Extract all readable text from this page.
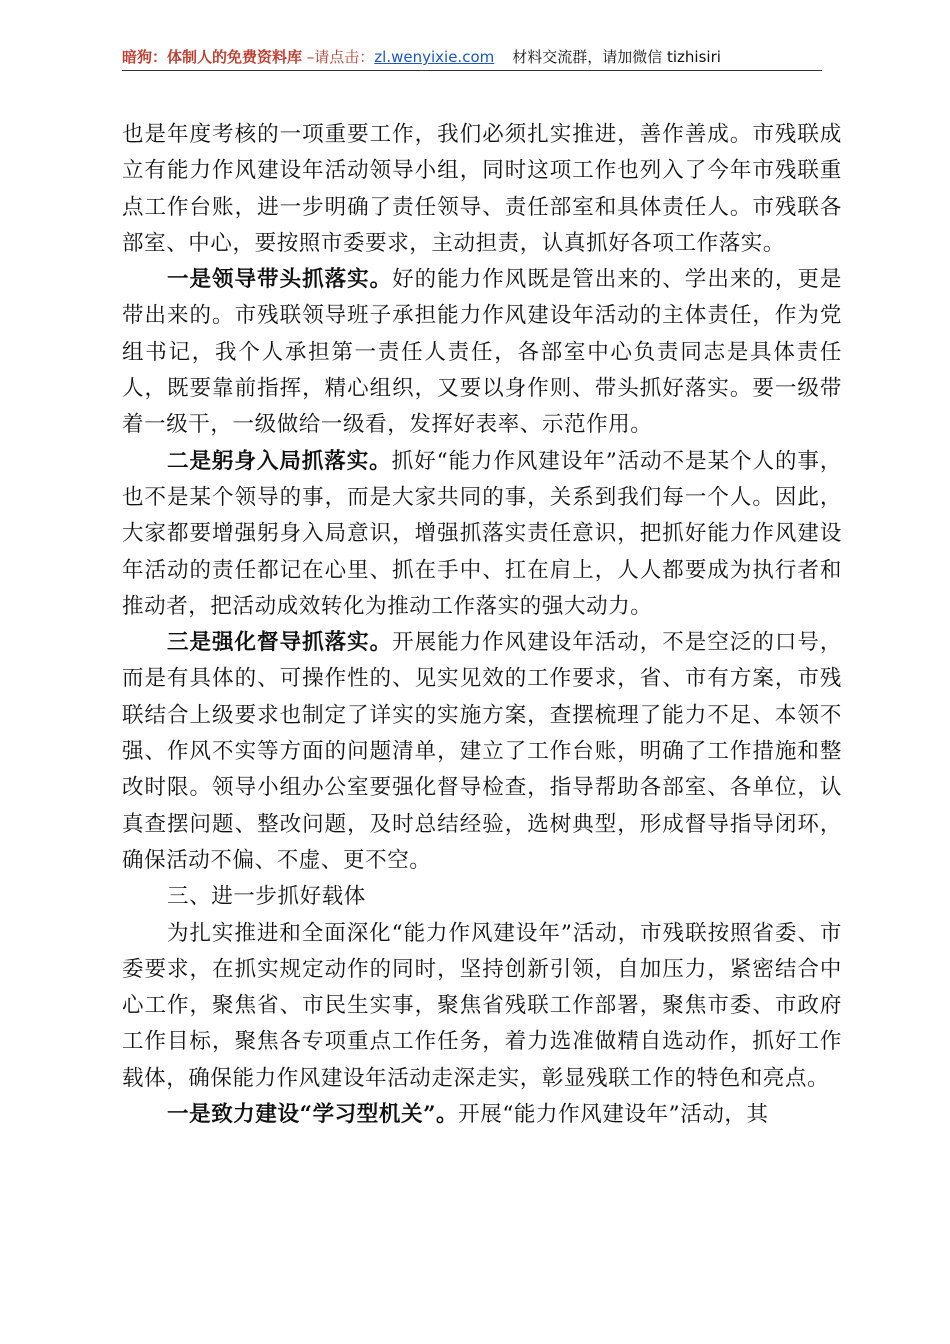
暗狗：体制人的免费资料库 –请点击：zl.wenyixie.com 材料交流群，请加微信 tizhisiri

也是年度考核的一项重要工作，我们必须扎实推进，善作善成。市残联成立有能力作风建设年活动领导小组，同时这项工作也列入了今年市残联重点工作台账，进一步明确了责任领导、责任部室和具体责任人。市残联各部室、中心，要按照市委要求，主动担责，认真抓好各项工作落实。

一是领导带头抓落实。好的能力作风既是管出来的、学出来的，更是带出来的。市残联领导班子承担能力作风建设年活动的主体责任，作为党组书记，我个人承担第一责任人责任，各部室中心负责同志是具体责任人，既要靠前指挥，精心组织，又要以身作则、带头抓好落实。要一级带着一级干，一级做给一级看，发挥好表率、示范作用。

二是躬身入局抓落实。抓好“能力作风建设年”活动不是某个人的事，也不是某个领导的事，而是大家共同的事，关系到我们每一个人。因此，大家都要增强躬身入局意识，增强抓落实责任意识，把抓好能力作风建设年活动的责任都记在心里、抓在手中、扛在肩上，人人都要成为执行者和推动者，把活动成效转化为推动工作落实的强大动力。

三是强化督导抓落实。开展能力作风建设年活动，不是空泛的口号，而是有具体的、可操作性的、见实见效的工作要求，省、市有方案，市残联结合上级要求也制定了详实的实施方案，查摆梳理了能力不足、本领不强、作风不实等方面的问题清单，建立了工作台账，明确了工作措施和整改时限。领导小组办公室要强化督导检查，指导帮助各部室、各单位，认真查摆问题、整改问题，及时总结经验，选树典型，形成督导指导闭环，确保活动不偏、不虚、更不空。

三、进一步抓好载体

为扎实推进和全面深化“能力作风建设年”活动，市残联按照省委、市委要求，在抓实规定动作的同时，坚持创新引领，自加压力，紧密结合中心工作，聚焦省、市民生实事，聚焦省残联工作部署，聚焦市委、市政府工作目标，聚焦各专项重点工作任务，着力选准做精自选动作，抓好工作载体，确保能力作风建设年活动走深走实，彰显残联工作的特色和亮点。

一是致力建设“学习型机关”。开展“能力作风建设年”活动，其
